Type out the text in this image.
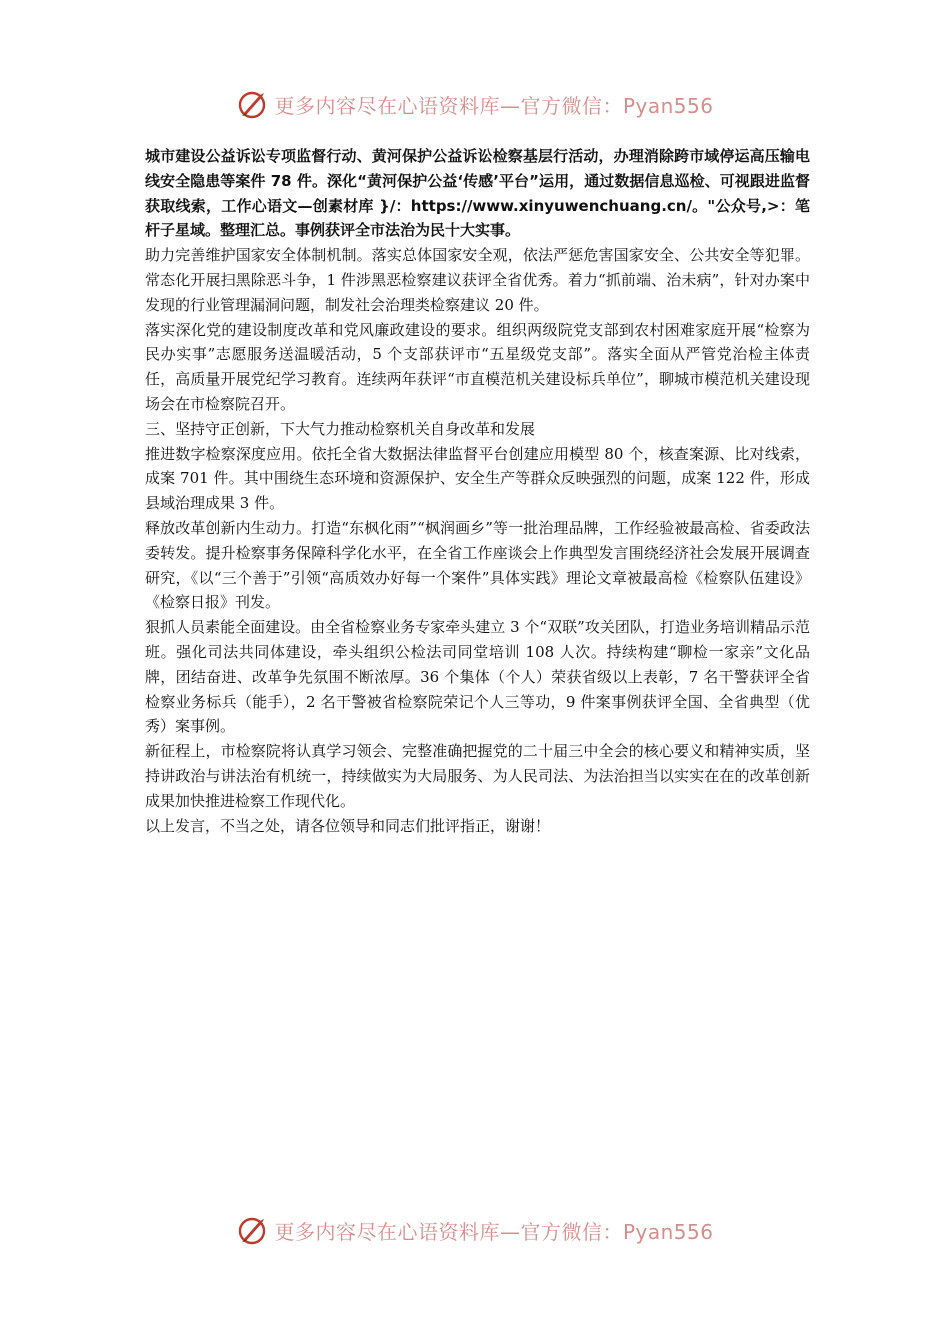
更多内容尽在心语资料库—官方微信：Pyan556

城市建设公益诉讼专项监督行动、黄河保护公益诉讼检察基层行活动，办理消除跨市域停运高压输电线安全隐患等案件 78 件。深化“黄河保护公益‘传感’平台”运用，通过数据信息巡检、可视跟进监督获取线索，工作心语文—创素材库 }/：https://www.xinyuwenchuang.cn/。"公众号,>：笔杆子星域。整理汇总。事例获评全市法治为民十大实事。

助力完善维护国家安全体制机制。落实总体国家安全观，依法严惩危害国家安全、公共安全等犯罪。常态化开展扫黑除恶斗争，1 件涉黑恶检察建议获评全省优秀。着力“抓前端、治未病”，针对办案中发现的行业管理漏洞问题，制发社会治理类检察建议 20 件。

落实深化党的建设制度改革和党风廉政建设的要求。组织两级院党支部到农村困难家庭开展“检察为民办实事”志愿服务送温暖活动，5 个支部获评市“五星级党支部”。落实全面从严管党治检主体责任，高质量开展党纪学习教育。连续两年获评“市直模范机关建设标兵单位”，聊城市模范机关建设现场会在市检察院召开。

三、坚持守正创新，下大气力推动检察机关自身改革和发展

推进数字检察深度应用。依托全省大数据法律监督平台创建应用模型 80 个，核查案源、比对线索，成案 701 件。其中围绕生态环境和资源保护、安全生产等群众反映强烈的问题，成案 122 件，形成县域治理成果 3 件。

释放改革创新内生动力。打造“东枫化雨”“枫润画乡”等一批治理品牌，工作经验被最高检、省委政法委转发。提升检察事务保障科学化水平，在全省工作座谈会上作典型发言围绕经济社会发展开展调查研究，《以“三个善于”引领“高质效办好每一个案件”具体实践》理论文章被最高检《检察队伍建设》《检察日报》刊发。

狠抓人员素能全面建设。由全省检察业务专家牵头建立 3 个“双联”攻关团队，打造业务培训精品示范班。强化司法共同体建设，牵头组织公检法司同堂培训 108 人次。持续构建“聊检一家亲”文化品牌，团结奋进、改革争先氛围不断浓厚。36 个集体（个人）荣获省级以上表彰，7 名干警获评全省检察业务标兵（能手），2 名干警被省检察院荣记个人三等功，9 件案事例获评全国、全省典型（优秀）案事例。

新征程上，市检察院将认真学习领会、完整准确把握党的二十届三中全会的核心要义和精神实质，坚持讲政治与讲法治有机统一，持续做实为大局服务、为人民司法、为法治担当以实实在在的改革创新成果加快推进检察工作现代化。

以上发言，不当之处，请各位领导和同志们批评指正，谢谢！

更多内容尽在心语资料库—官方微信：Pyan556
